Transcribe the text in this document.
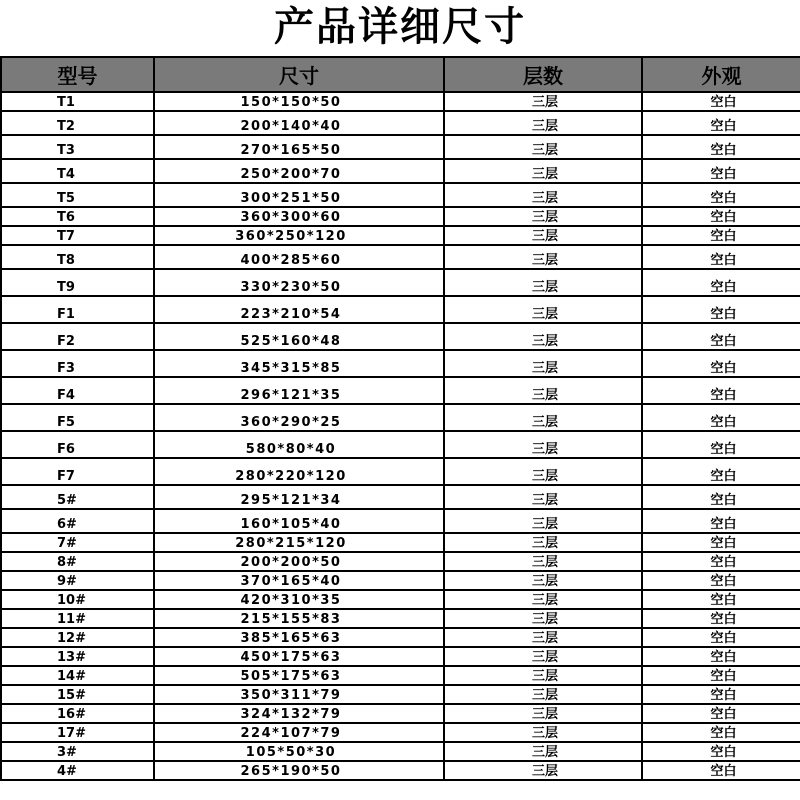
产品详细尺寸
型号	尺寸	层数	外观
T1	150*150*50	三层	空白
T2	200*140*40	三层	空白
T3	270*165*50	三层	空白
T4	250*200*70	三层	空白
T5	300*251*50	三层	空白
T6	360*300*60	三层	空白
T7	360*250*120	三层	空白
T8	400*285*60	三层	空白
T9	330*230*50	三层	空白
F1	223*210*54	三层	空白
F2	525*160*48	三层	空白
F3	345*315*85	三层	空白
F4	296*121*35	三层	空白
F5	360*290*25	三层	空白
F6	580*80*40	三层	空白
F7	280*220*120	三层	空白
5#	295*121*34	三层	空白
6#	160*105*40	三层	空白
7#	280*215*120	三层	空白
8#	200*200*50	三层	空白
9#	370*165*40	三层	空白
10#	420*310*35	三层	空白
11#	215*155*83	三层	空白
12#	385*165*63	三层	空白
13#	450*175*63	三层	空白
14#	505*175*63	三层	空白
15#	350*311*79	三层	空白
16#	324*132*79	三层	空白
17#	224*107*79	三层	空白
3#	105*50*30	三层	空白
4#	265*190*50	三层	空白
